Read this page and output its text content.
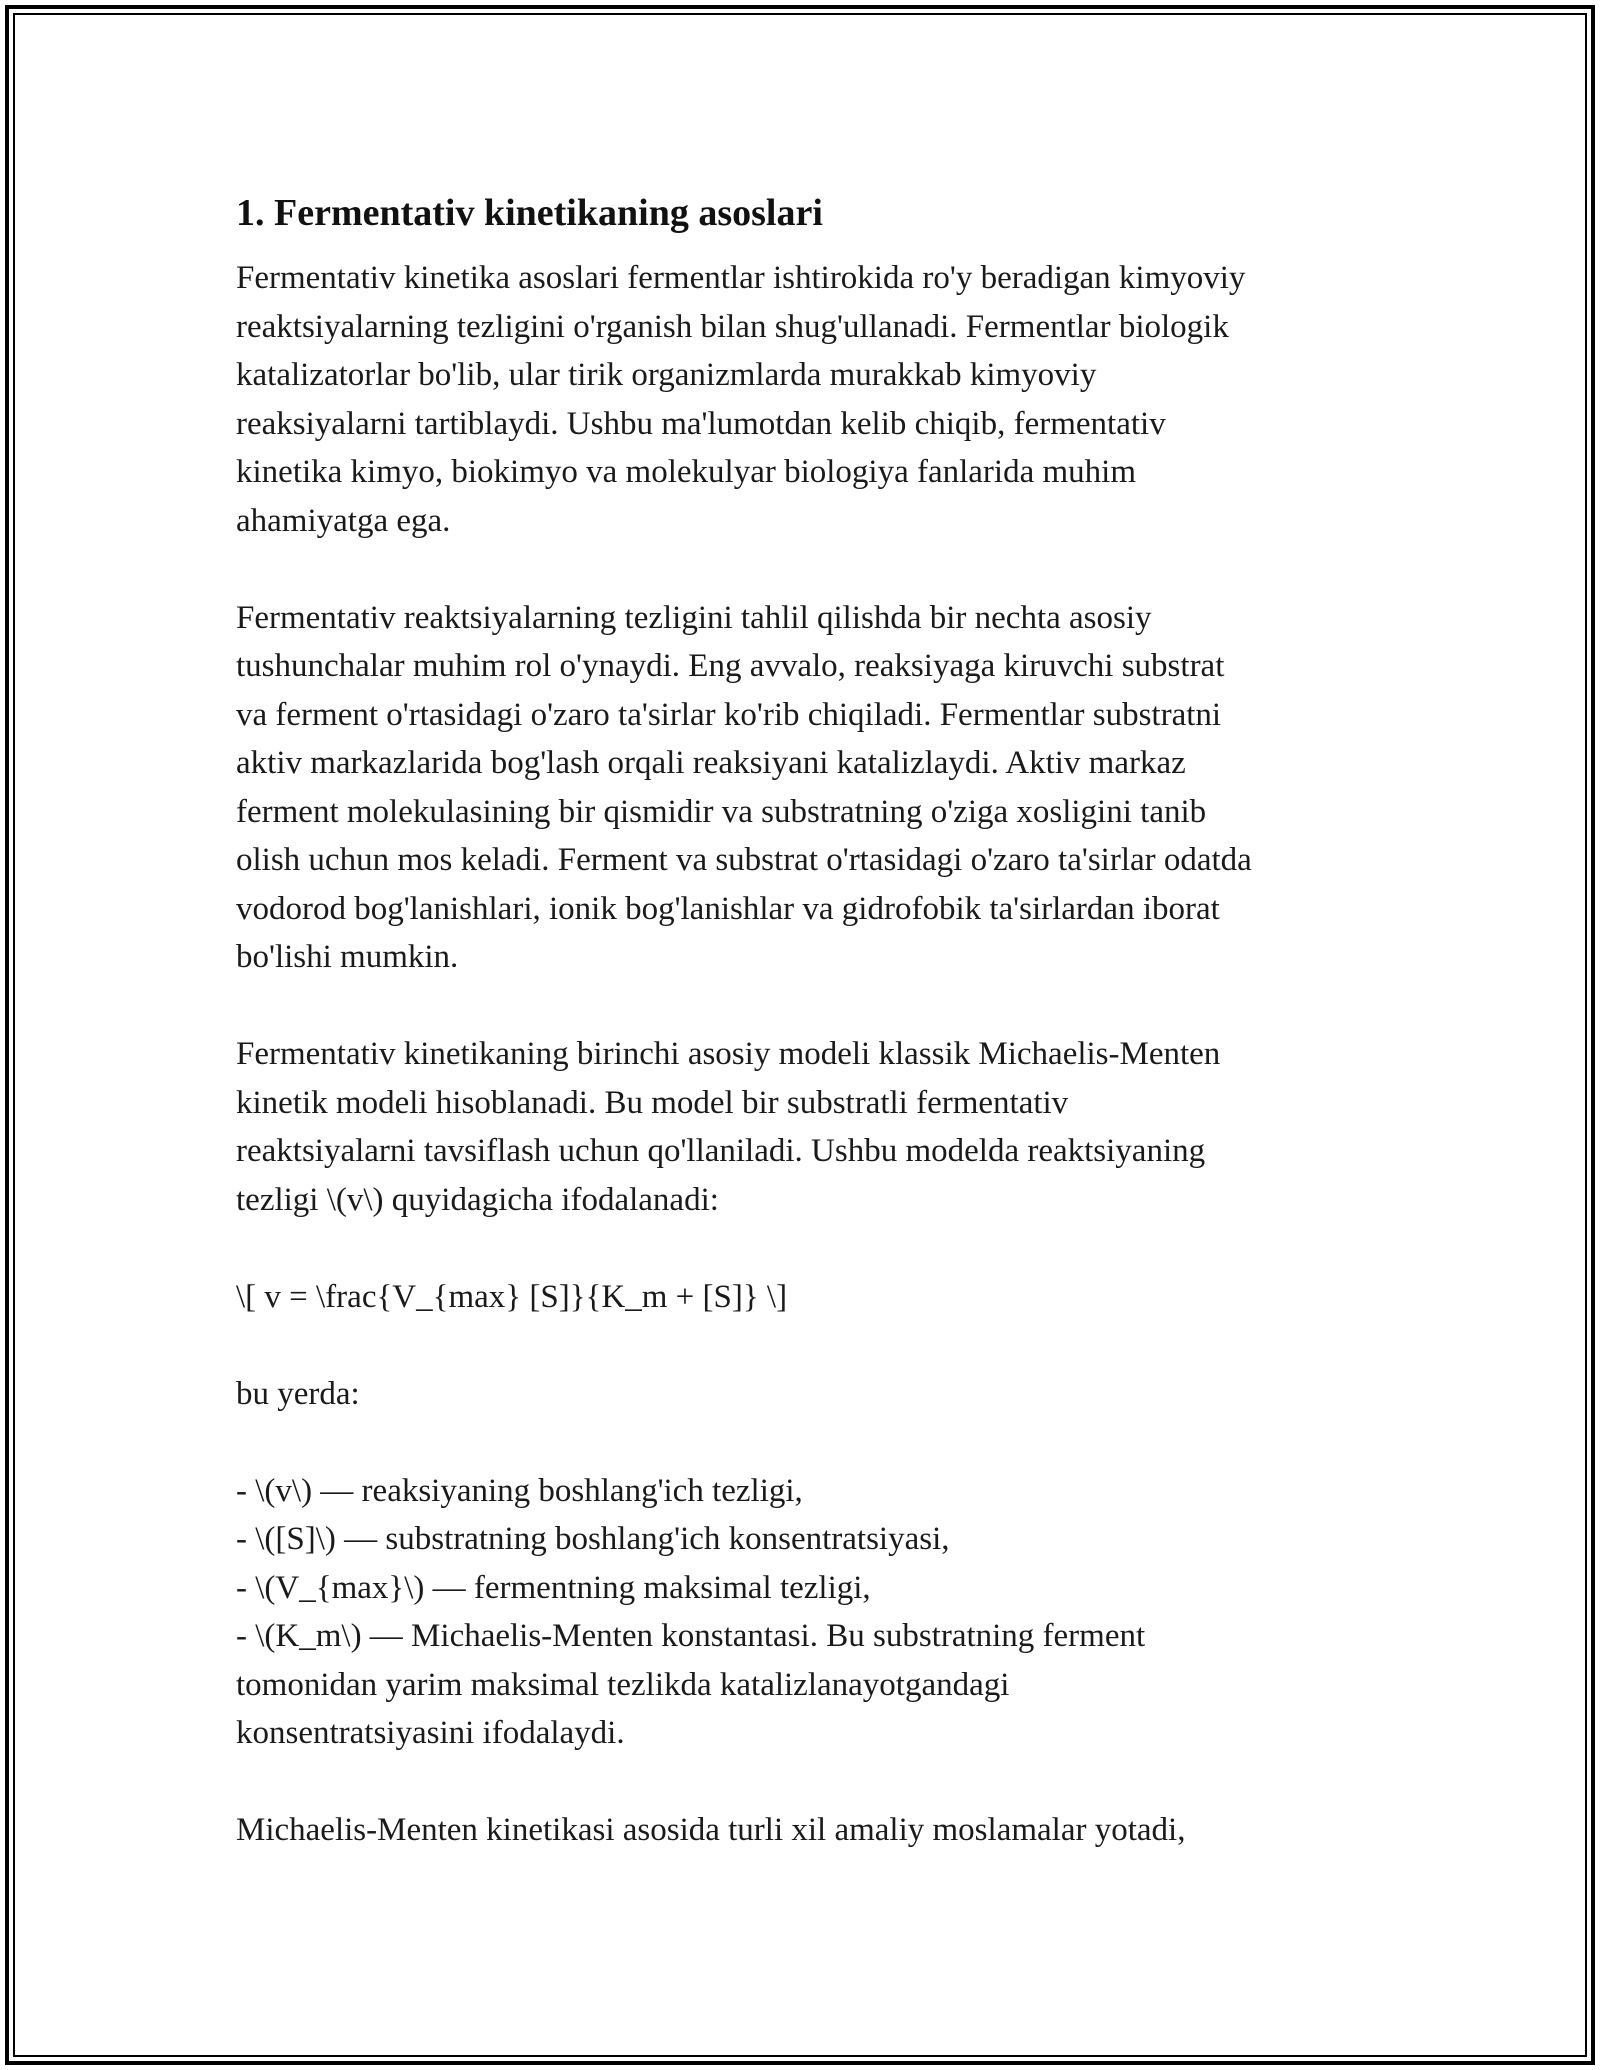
1. Fermentativ kinetikaning asoslari

Fermentativ kinetika asoslari fermentlar ishtirokida ro'y beradigan kimyoviy
reaktsiyalarning tezligini o'rganish bilan shug'ullanadi. Fermentlar biologik
katalizatorlar bo'lib, ular tirik organizmlarda murakkab kimyoviy
reaksiyalarni tartiblaydi. Ushbu ma'lumotdan kelib chiqib, fermentativ
kinetika kimyo, biokimyo va molekulyar biologiya fanlarida muhim
ahamiyatga ega.

Fermentativ reaktsiyalarning tezligini tahlil qilishda bir nechta asosiy
tushunchalar muhim rol o'ynaydi. Eng avvalo, reaksiyaga kiruvchi substrat
va ferment o'rtasidagi o'zaro ta'sirlar ko'rib chiqiladi. Fermentlar substratni
aktiv markazlarida bog'lash orqali reaksiyani katalizlaydi. Aktiv markaz
ferment molekulasining bir qismidir va substratning o'ziga xosligini tanib
olish uchun mos keladi. Ferment va substrat o'rtasidagi o'zaro ta'sirlar odatda
vodorod bog'lanishlari, ionik bog'lanishlar va gidrofobik ta'sirlardan iborat
bo'lishi mumkin.

Fermentativ kinetikaning birinchi asosiy modeli klassik Michaelis-Menten
kinetik modeli hisoblanadi. Bu model bir substratli fermentativ
reaktsiyalarni tavsiflash uchun qo'llaniladi. Ushbu modelda reaktsiyaning
tezligi \(v\) quyidagicha ifodalanadi:

\[ v = \frac{V_{max} [S]}{K_m + [S]} \]

bu yerda:

- \(v\) — reaksiyaning boshlang'ich tezligi,
- \([S]\) — substratning boshlang'ich konsentratsiyasi,
- \(V_{max}\) — fermentning maksimal tezligi,
- \(K_m\) — Michaelis-Menten konstantasi. Bu substratning ferment
tomonidan yarim maksimal tezlikda katalizlanayotgandagi
konsentratsiyasini ifodalaydi.

Michaelis-Menten kinetikasi asosida turli xil amaliy moslamalar yotadi,
